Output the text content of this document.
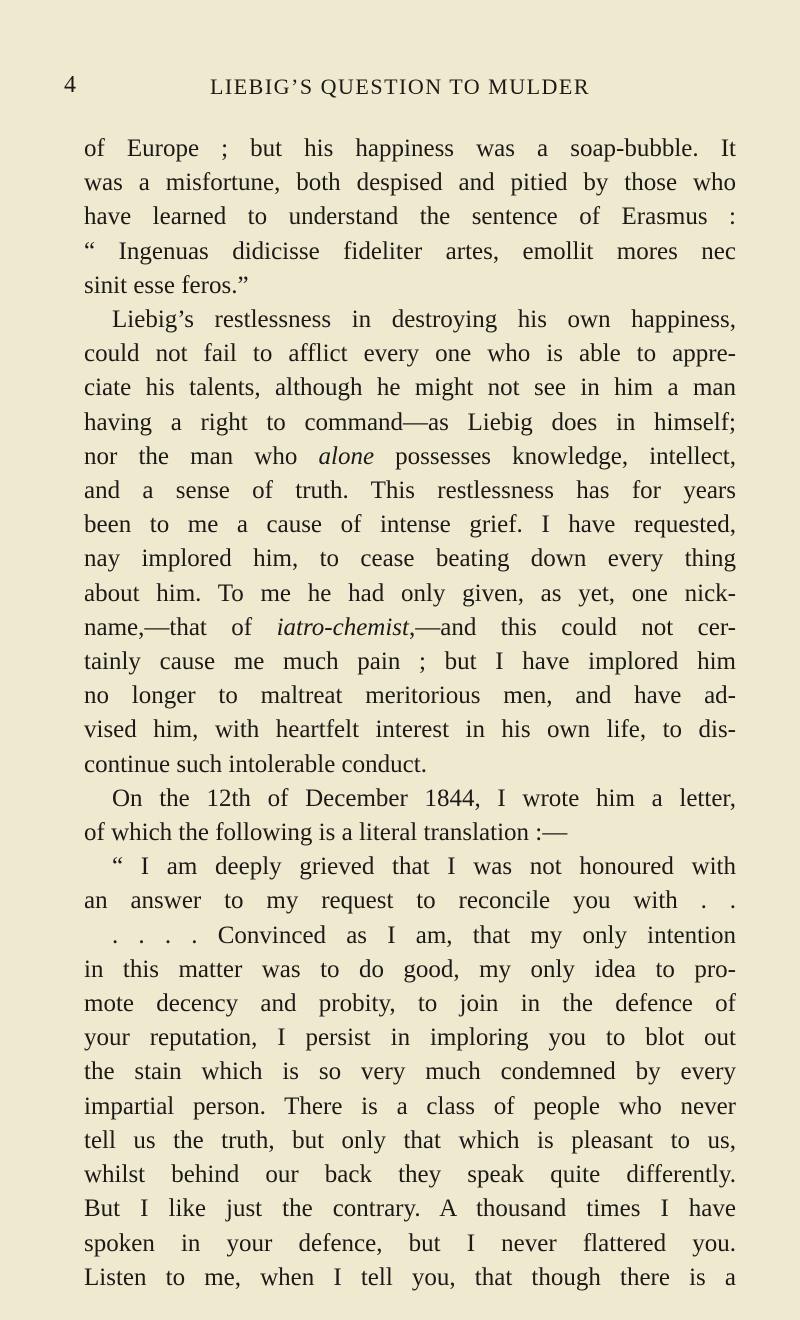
4	LIEBIG’S QUESTION TO MULDER
of Europe ; but his happiness was a soap-bubble. It
was a misfortune, both despised and pitied by those who
have learned to understand the sentence of Erasmus :
“ Ingenuas didicisse fideliter artes, emollit mores nec
sinit esse feros.”
Liebig’s restlessness in destroying his own happiness,
could not fail to afflict every one who is able to appre-
ciate his talents, although he might not see in him a man
having a right to command—as Liebig does in himself;
nor the man who alone possesses knowledge, intellect,
and a sense of truth. This restlessness has for years
been to me a cause of intense grief. I have requested,
nay implored him, to cease beating down every thing
about him. To me he had only given, as yet, one nick-
name,—that of iatro-chemist,—and this could not cer-
tainly cause me much pain ; but I have implored him
no longer to maltreat meritorious men, and have ad-
vised him, with heartfelt interest in his own life, to dis-
continue such intolerable conduct.
On the 12th of December 1844, I wrote him a letter,
of which the following is a literal translation :—
“ I am deeply grieved that I was not honoured with
an answer to my request to reconcile you with . .
. . . . Convinced as I am, that my only intention
in this matter was to do good, my only idea to pro-
mote decency and probity, to join in the defence of
your reputation, I persist in imploring you to blot out
the stain which is so very much condemned by every
impartial person. There is a class of people who never
tell us the truth, but only that which is pleasant to us,
whilst behind our back they speak quite differently.
But I like just the contrary. A thousand times I have
spoken in your defence, but I never flattered you.
Listen to me, when I tell you, that though there is a
